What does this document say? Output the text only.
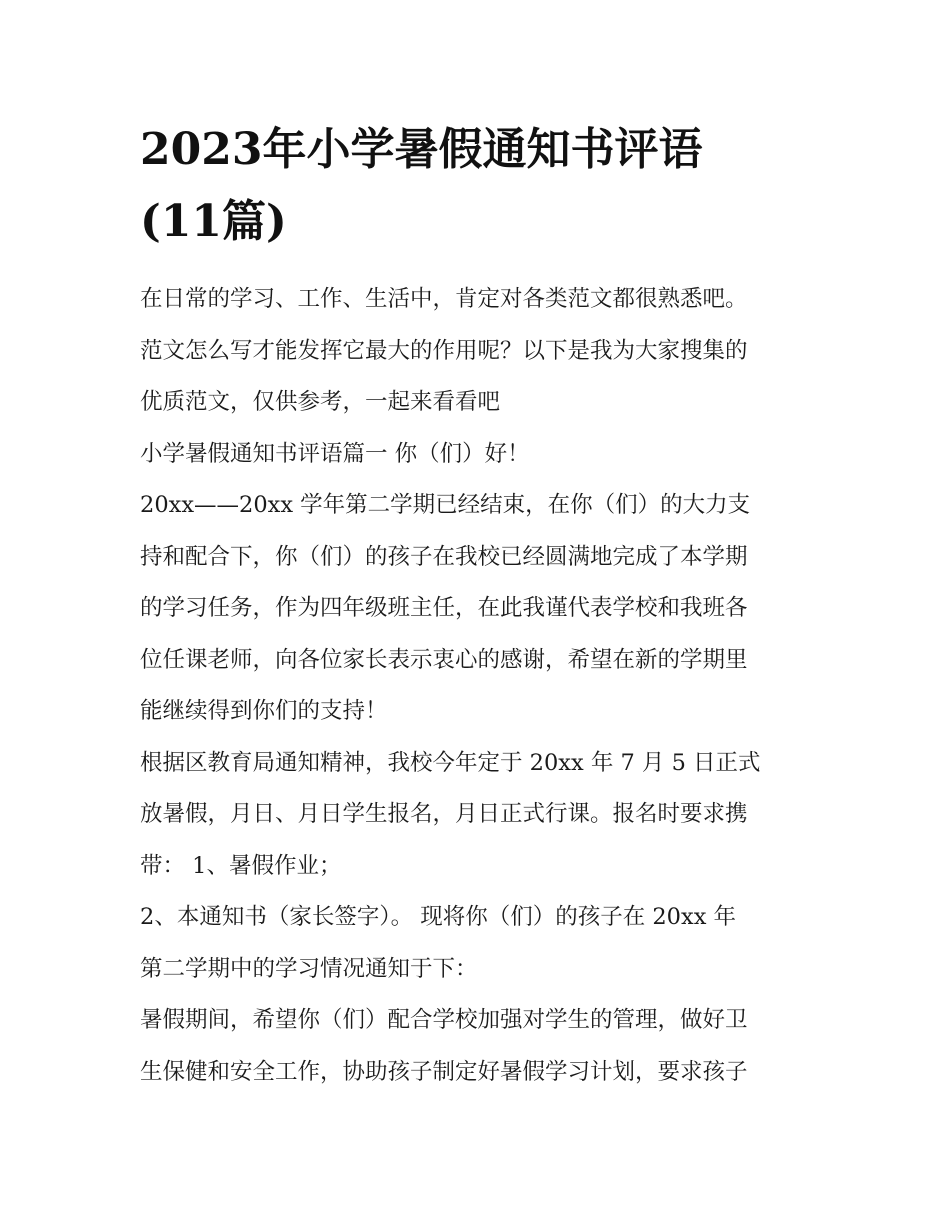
2023年小学暑假通知书评语
(11篇)
在日常的学习、工作、生活中，肯定对各类范文都很熟悉吧。
范文怎么写才能发挥它最大的作用呢？以下是我为大家搜集的
优质范文，仅供参考，一起来看看吧
小学暑假通知书评语篇一 你（们）好！
20xx——20xx 学年第二学期已经结束，在你（们）的大力支
持和配合下，你（们）的孩子在我校已经圆满地完成了本学期
的学习任务，作为四年级班主任，在此我谨代表学校和我班各
位任课老师，向各位家长表示衷心的感谢，希望在新的学期里
能继续得到你们的支持！
根据区教育局通知精神，我校今年定于 20xx 年 7 月 5 日正式
放暑假，月日、月日学生报名，月日正式行课。报名时要求携
带： 1、暑假作业；
2、本通知书（家长签字）。 现将你（们）的孩子在 20xx 年
第二学期中的学习情况通知于下：
暑假期间，希望你（们）配合学校加强对学生的管理，做好卫
生保健和安全工作，协助孩子制定好暑假学习计划，要求孩子
